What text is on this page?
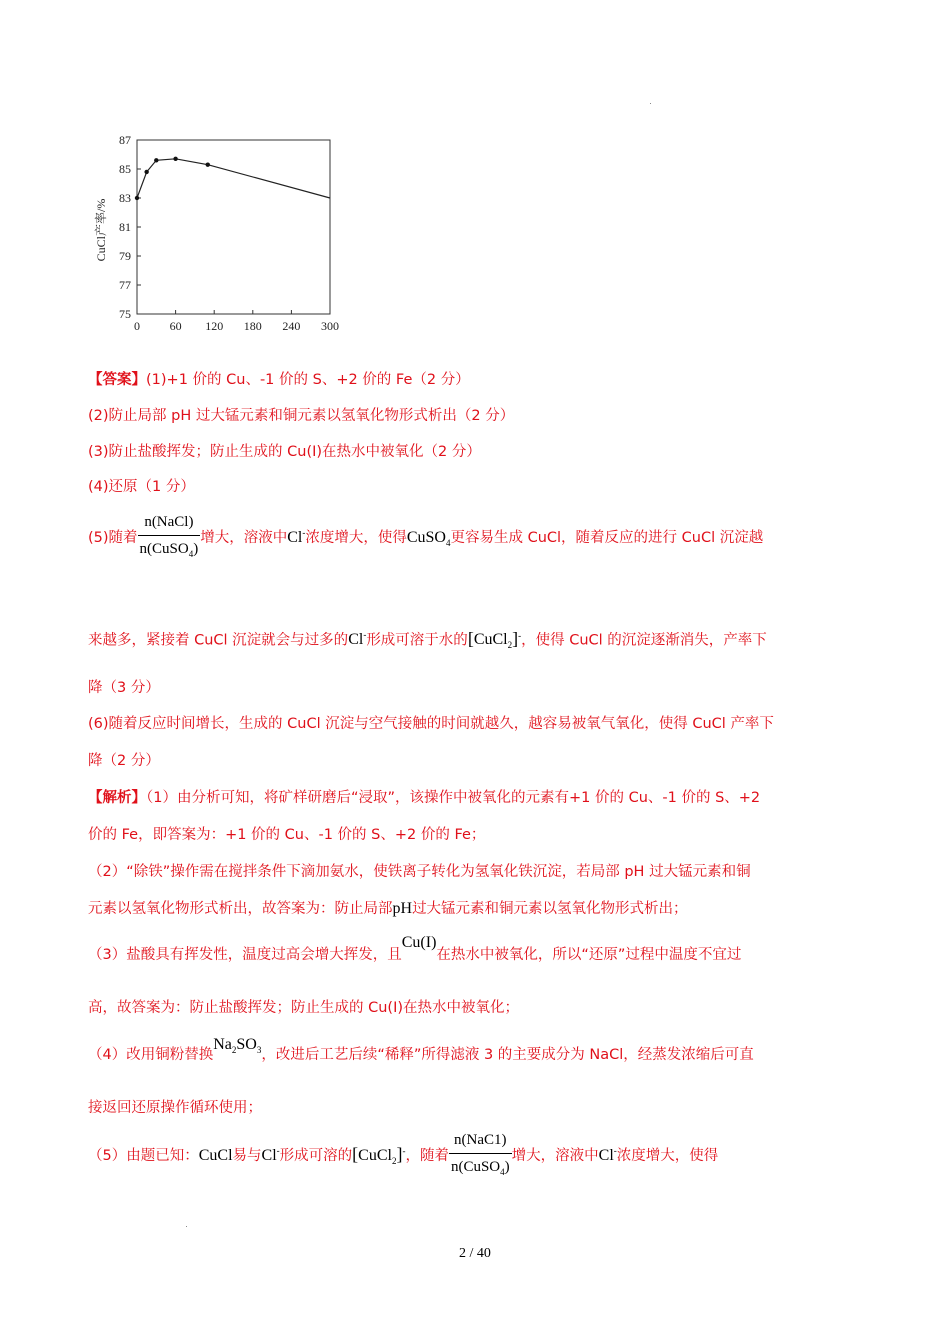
75
77
79
81
83
85
87
0 60 120 180 240 300
CuCl产率/%
【答案】(1)+1 价的 Cu、-1 价的 S、+2 价的 Fe（2 分）
(2)防止局部 pH 过大锰元素和铜元素以氢氧化物形式析出（2 分）
(3)防止盐酸挥发；防止生成的 Cu(I)在热水中被氧化（2 分）
(4)还原（1 分）
(5)随着 $\frac{\text{n(NaCl)}}{n(CuSO_4)}$ 增大，溶液中Cl-浓度增大，使得CuSO$_4$更容易生成 CuCl，随着反应的进行 CuCl 沉淀越
来越多，紧接着 CuCl 沉淀就会与过多的Cl-形成可溶于水的[CuCl$_2$]-，使得 CuCl 的沉淀逐渐消失，产率下
降（3 分）
(6)随着反应时间增长，生成的 CuCl 沉淀与空气接触的时间就越久，越容易被氧气氧化，使得 CuCl 产率下
降（2 分）
【解析】（1）由分析可知，将矿样研磨后“浸取”，该操作中被氧化的元素有+1 价的 Cu、-1 价的 S、+2
价的 Fe，即答案为：+1 价的 Cu、-1 价的 S、+2 价的 Fe；
（2）“除铁”操作需在搅拌条件下滴加氨水，使铁离子转化为氢氧化铁沉淀，若局部 pH 过大锰元素和铜
元素以氢氧化物形式析出，故答案为：防止局部pH过大锰元素和铜元素以氢氧化物形式析出；
（3）盐酸具有挥发性，温度过高会增大挥发，且Cu(I)在热水中被氧化，所以“还原”过程中温度不宜过
高，故答案为：防止盐酸挥发；防止生成的 Cu(I)在热水中被氧化；
（4）改用铜粉替换$Na_2SO_3$，改进后工艺后续“稀释”所得滤液 3 的主要成分为 NaCl，经蒸发浓缩后可直
接返回还原操作循环使用；
（5）由题已知：CuCl易与Cl-形成可溶的[CuCl$_2$]-，随着 $\frac{\text{n(NaC1)}}{n(CuSO_4)}$ 增大，溶液中Cl-浓度增大，使得
2 / 40
